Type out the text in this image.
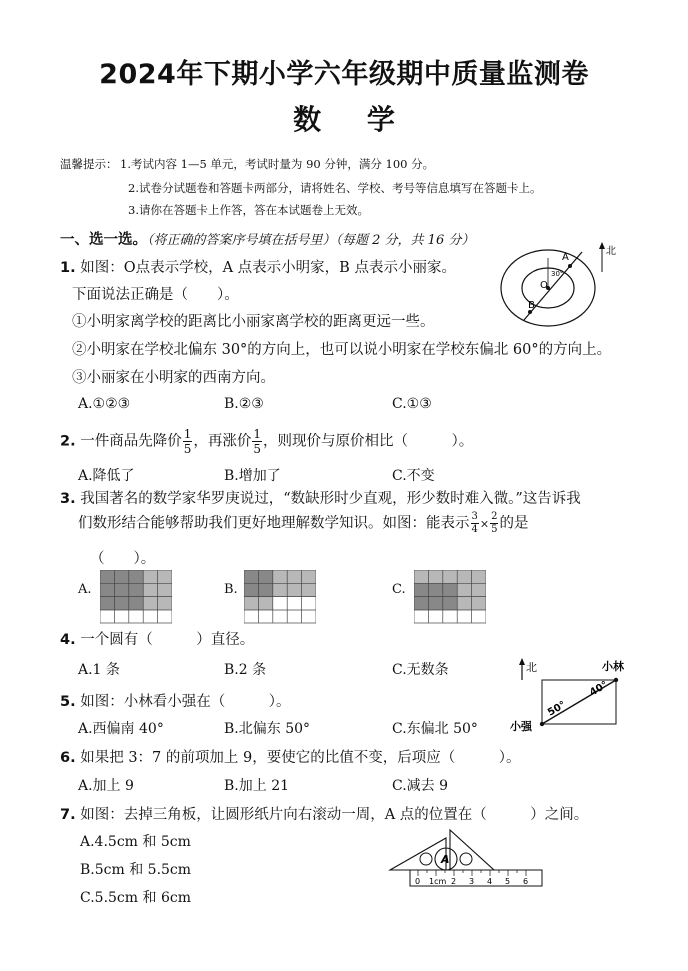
2024年下期小学六年级期中质量监测卷
数 学
温馨提示： 1.考试内容 1—5 单元，考试时量为 90 分钟，满分 100 分。
2.试卷分试题卷和答题卡两部分，请将姓名、学校、考号等信息填写在答题卡上。
3.请你在答题卡上作答，答在本试题卷上无效。
一、选一选。（将正确的答案序号填在括号里）（每题 2 分，共 16 分）
1. 如图：O点表示学校，A 点表示小明家，B 点表示小丽家。
下面说法正确是（　　）。
①小明家离学校的距离比小丽家离学校的距离更远一些。
②小明家在学校北偏东 30°的方向上，也可以说小明家在学校东偏北 60°的方向上。
③小丽家在小明家的西南方向。
A.①②③	B.②③	C.①③
北
A
O
B
30°
2. 一件商品先降价 $\frac{1}{5}$ ，再涨价 $\frac{1}{5}$ ，则现价与原价相比（　　　）。
A.降低了	B.增加了	C.不变
3. 我国著名的数学家华罗庚说过，“数缺形时少直观，形少数时难入微。”这告诉我
们数形结合能够帮助我们更好地理解数学知识。如图：能表示 $\frac{3}{4} \times \frac{2}{5}$ 的是
（　　）。
A.	B.	C.
4. 一个圆有（　　　）直径。
A.1 条	B.2 条	C.无数条	北	小林
50°
40°
小强
5. 如图：小林看小强在（　　　）。
A.西偏南 40°	B.北偏东 50°	C.东偏北 50°
6. 如果把 3：7 的前项加上 9，要使它的比值不变，后项应（　　　）。
A.加上 9	B.加上 21	C.减去 9
7. 如图：去掉三角板，让圆形纸片向右滚动一周，A 点的位置在（　　　）之间。
A.4.5cm 和 5cm
B.5cm 和 5.5cm
C.5.5cm 和 6cm
A
0 1cm 2 3 4 5 6
